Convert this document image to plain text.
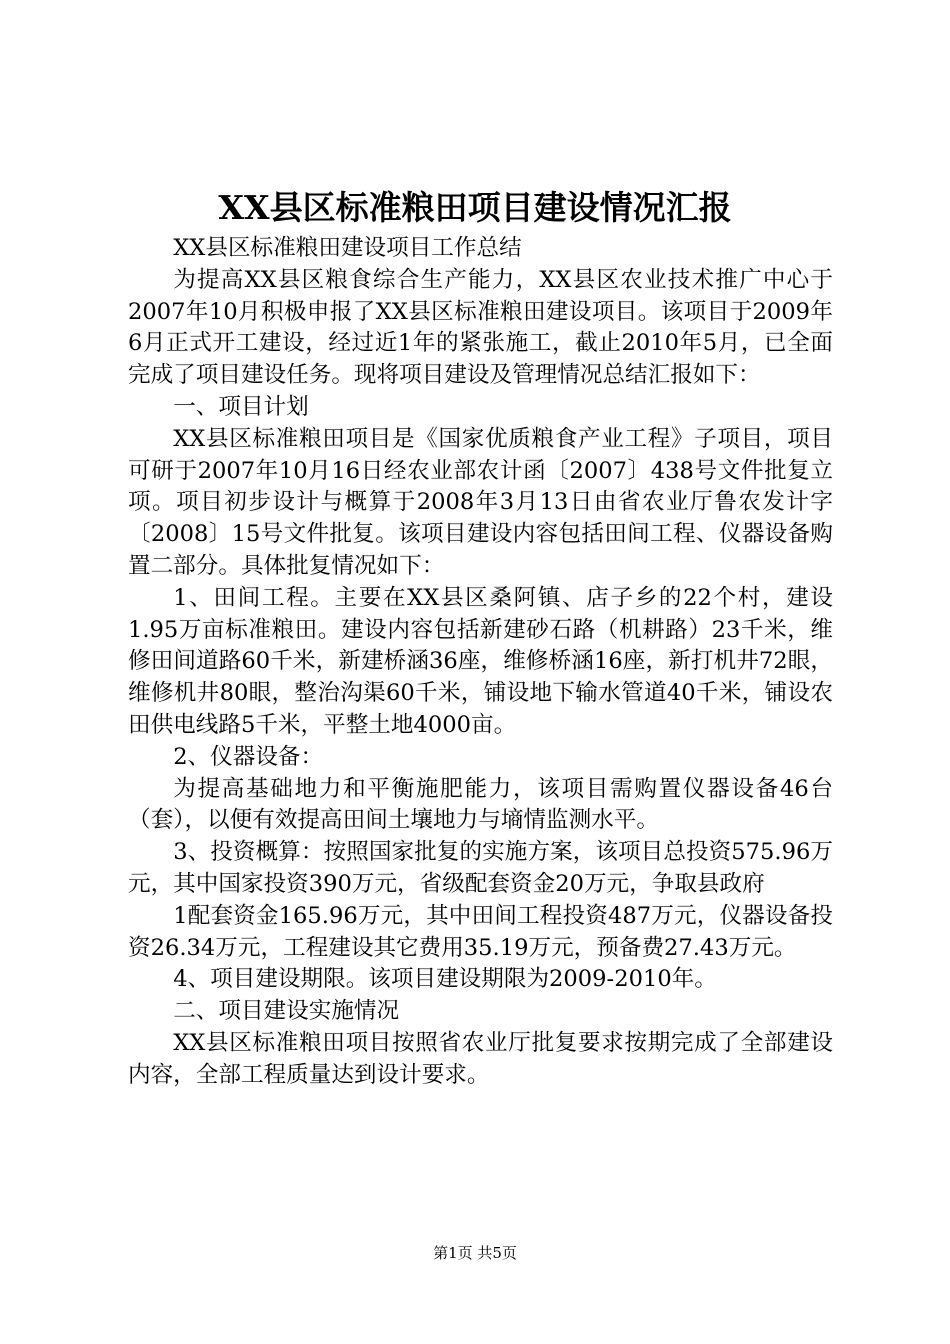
XX县区标准粮田项目建设情况汇报

XX县区标准粮田建设项目工作总结

为提高XX县区粮食综合生产能力，XX县区农业技术推广中心于2007年10月积极申报了XX县区标准粮田建设项目。该项目于2009年6月正式开工建设，经过近1年的紧张施工，截止2010年5月，已全面完成了项目建设任务。现将项目建设及管理情况总结汇报如下：

一、项目计划

XX县区标准粮田项目是《国家优质粮食产业工程》子项目，项目可研于2007年10月16日经农业部农计函〔2007〕438号文件批复立项。项目初步设计与概算于2008年3月13日由省农业厅鲁农发计字〔2008〕15号文件批复。该项目建设内容包括田间工程、仪器设备购置二部分。具体批复情况如下：

1、田间工程。主要在XX县区桑阿镇、店子乡的22个村，建设1.95万亩标准粮田。建设内容包括新建砂石路（机耕路）23千米，维修田间道路60千米，新建桥涵36座，维修桥涵16座，新打机井72眼，维修机井80眼，整治沟渠60千米，铺设地下输水管道40千米，铺设农田供电线路5千米，平整土地4000亩。

2、仪器设备：

为提高基础地力和平衡施肥能力，该项目需购置仪器设备46台（套），以便有效提高田间土壤地力与墒情监测水平。

3、投资概算：按照国家批复的实施方案，该项目总投资575.96万元，其中国家投资390万元，省级配套资金20万元，争取县政府

1配套资金165.96万元，其中田间工程投资487万元，仪器设备投资26.34万元，工程建设其它费用35.19万元，预备费27.43万元。

4、项目建设期限。该项目建设期限为2009-2010年。

二、项目建设实施情况

XX县区标准粮田项目按照省农业厅批复要求按期完成了全部建设内容，全部工程质量达到设计要求。

第1页 共5页
